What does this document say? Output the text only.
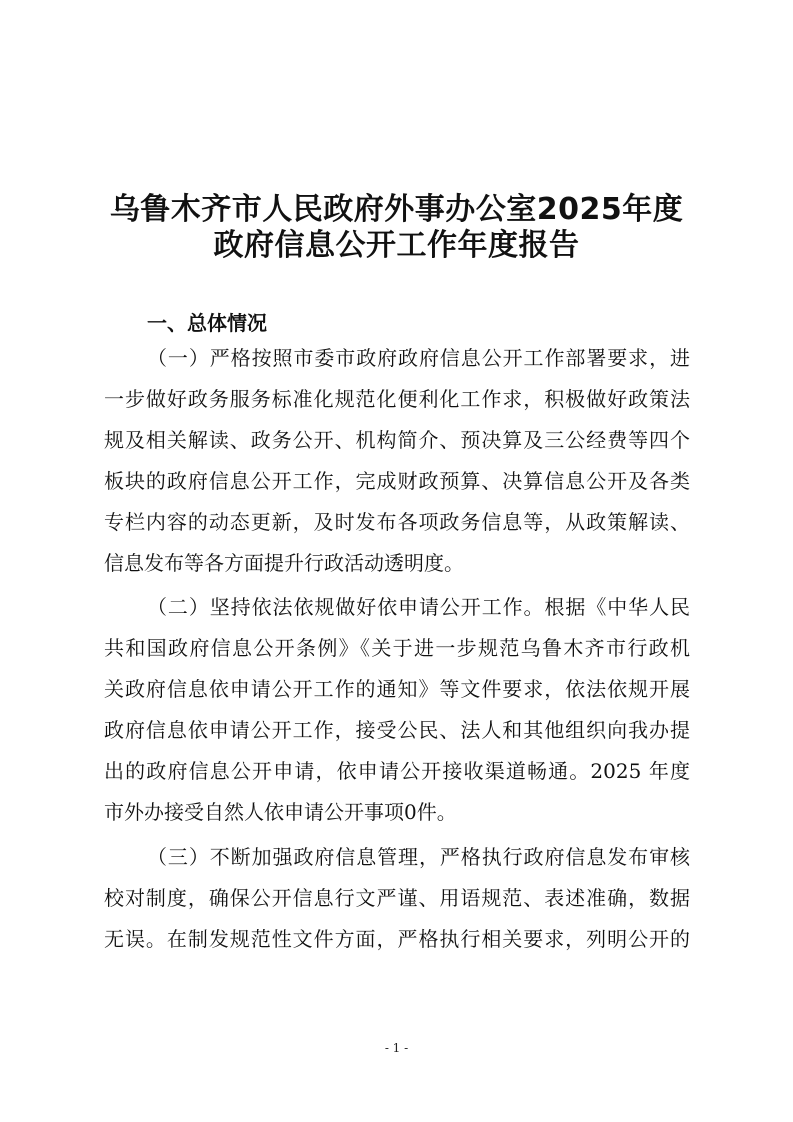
乌鲁木齐市人民政府外事办公室2025年度
政府信息公开工作年度报告
一、总体情况
（一）严格按照市委市政府政府信息公开工作部署要求，进
一步做好政务服务标准化规范化便利化工作求，积极做好政策法
规及相关解读、政务公开、机构简介、预决算及三公经费等四个
板块的政府信息公开工作，完成财政预算、决算信息公开及各类
专栏内容的动态更新，及时发布各项政务信息等，从政策解读、
信息发布等各方面提升行政活动透明度。
（二）坚持依法依规做好依申请公开工作。根据《中华人民
共和国政府信息公开条例》《关于进一步规范乌鲁木齐市行政机
关政府信息依申请公开工作的通知》等文件要求，依法依规开展
政府信息依申请公开工作，接受公民、法人和其他组织向我办提
出的政府信息公开申请，依申请公开接收渠道畅通。2025 年度
市外办接受自然人依申请公开事项0件。
（三）不断加强政府信息管理，严格执行政府信息发布审核
校对制度，确保公开信息行文严谨、用语规范、表述准确，数据
无误。在制发规范性文件方面，严格执行相关要求，列明公开的
- 1 -
